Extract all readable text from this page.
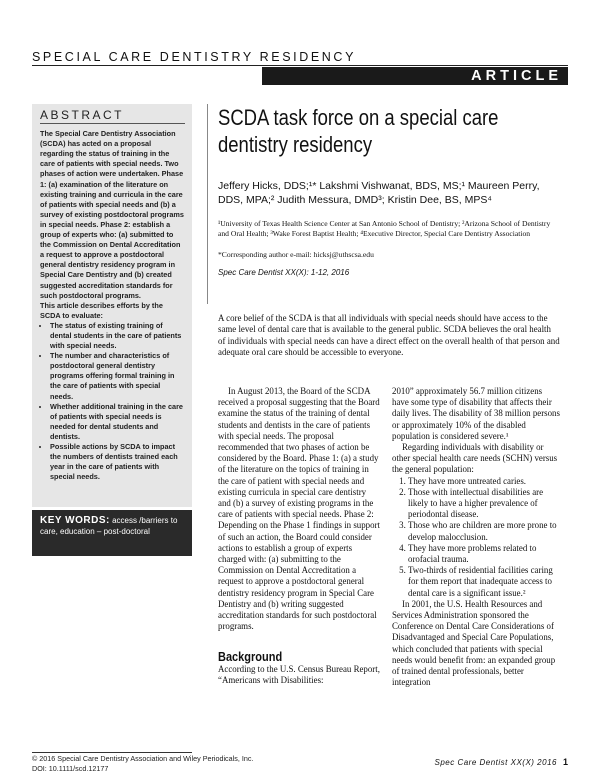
SPECIAL CARE DENTISTRY RESIDENCY
ARTICLE
ABSTRACT
The Special Care Dentistry Association (SCDA) has acted on a proposal regarding the status of training in the care of patients with special needs. Two phases of action were undertaken. Phase 1: (a) examination of the literature on existing training and curricula in the care of patients with special needs and (b) a survey of existing postdoctoral programs in special needs. Phase 2: establish a group of experts who: (a) submitted to the Commission on Dental Accreditation a request to approve a postdoctoral general dentistry residency program in Special Care Dentistry and (b) created suggested accreditation standards for such postdoctoral programs.
This article describes efforts by the SCDA to evaluate:
• The status of existing training of dental students in the care of patients with special needs.
• The number and characteristics of postdoctoral general dentistry programs offering formal training in the care of patients with special needs.
• Whether additional training in the care of patients with special needs is needed for dental students and dentists.
• Possible actions by SCDA to impact the numbers of dentists trained each year in the care of patients with special needs.
KEY WORDS: access /barriers to care, education – post-doctoral
SCDA task force on a special care dentistry residency
Jeffery Hicks, DDS;¹* Lakshmi Vishwanat, BDS, MS;¹ Maureen Perry, DDS, MPA;² Judith Messura, DMD³; Kristin Dee, BS, MPS⁴
¹University of Texas Health Science Center at San Antonio School of Dentistry; ²Arizona School of Dentistry and Oral Health; ³Wake Forest Baptist Health; ⁴Executive Director, Special Care Dentistry Association
*Corresponding author e-mail: hicksj@uthscsa.edu
Spec Care Dentist XX(X): 1-12, 2016
A core belief of the SCDA is that all individuals with special needs should have access to the same level of dental care that is available to the general public. SCDA believes the oral health of individuals with special needs can have a direct effect on the overall health of that person and adequate oral care should be accessible to everyone.

In August 2013, the Board of the SCDA received a proposal suggesting that the Board examine the status of the training of dental students and dentists in the care of patients with special needs. The proposal recommended that two phases of action be considered by the Board. Phase 1: (a) a study of the literature on the topics of training in the care of patient with special needs and existing curricula in special care dentistry and (b) a survey of existing programs in the care of patients with special needs. Phase 2: Depending on the Phase 1 findings in support of such an action, the Board could consider actions to establish a group of experts charged with: (a) submitting to the Commission on Dental Accreditation a request to approve a postdoctoral general dentistry residency program in Special Care Dentistry and (b) writing suggested accreditation standards for such postdoctoral programs.

Background

According to the U.S. Census Bureau Report, “Americans with Disabilities:

2010” approximately 56.7 million citizens have some type of disability that affects their daily lives. The disability of 38 million persons or approximately 10% of the disabled population is considered severe.¹

Regarding individuals with disability or other special health care needs (SCHN) versus the general population:

1. They have more untreated caries.
2. Those with intellectual disabilities are likely to have a higher prevalence of periodontal disease.
3. Those who are children are more prone to develop malocclusion.
4. They have more problems related to orofacial trauma.
5. Two-thirds of residential facilities caring for them report that inadequate access to dental care is a significant issue.²

In 2001, the U.S. Health Resources and Services Administration sponsored the Conference on Dental Care Considerations of Disadvantaged and Special Care Populations, which concluded that patients with special needs would benefit from: an expanded group of trained dental professionals, better integration

© 2016 Special Care Dentistry Association and Wiley Periodicals, Inc.
DOI: 10.1111/scd.12177
Spec Care Dentist XX(X) 2016 1
